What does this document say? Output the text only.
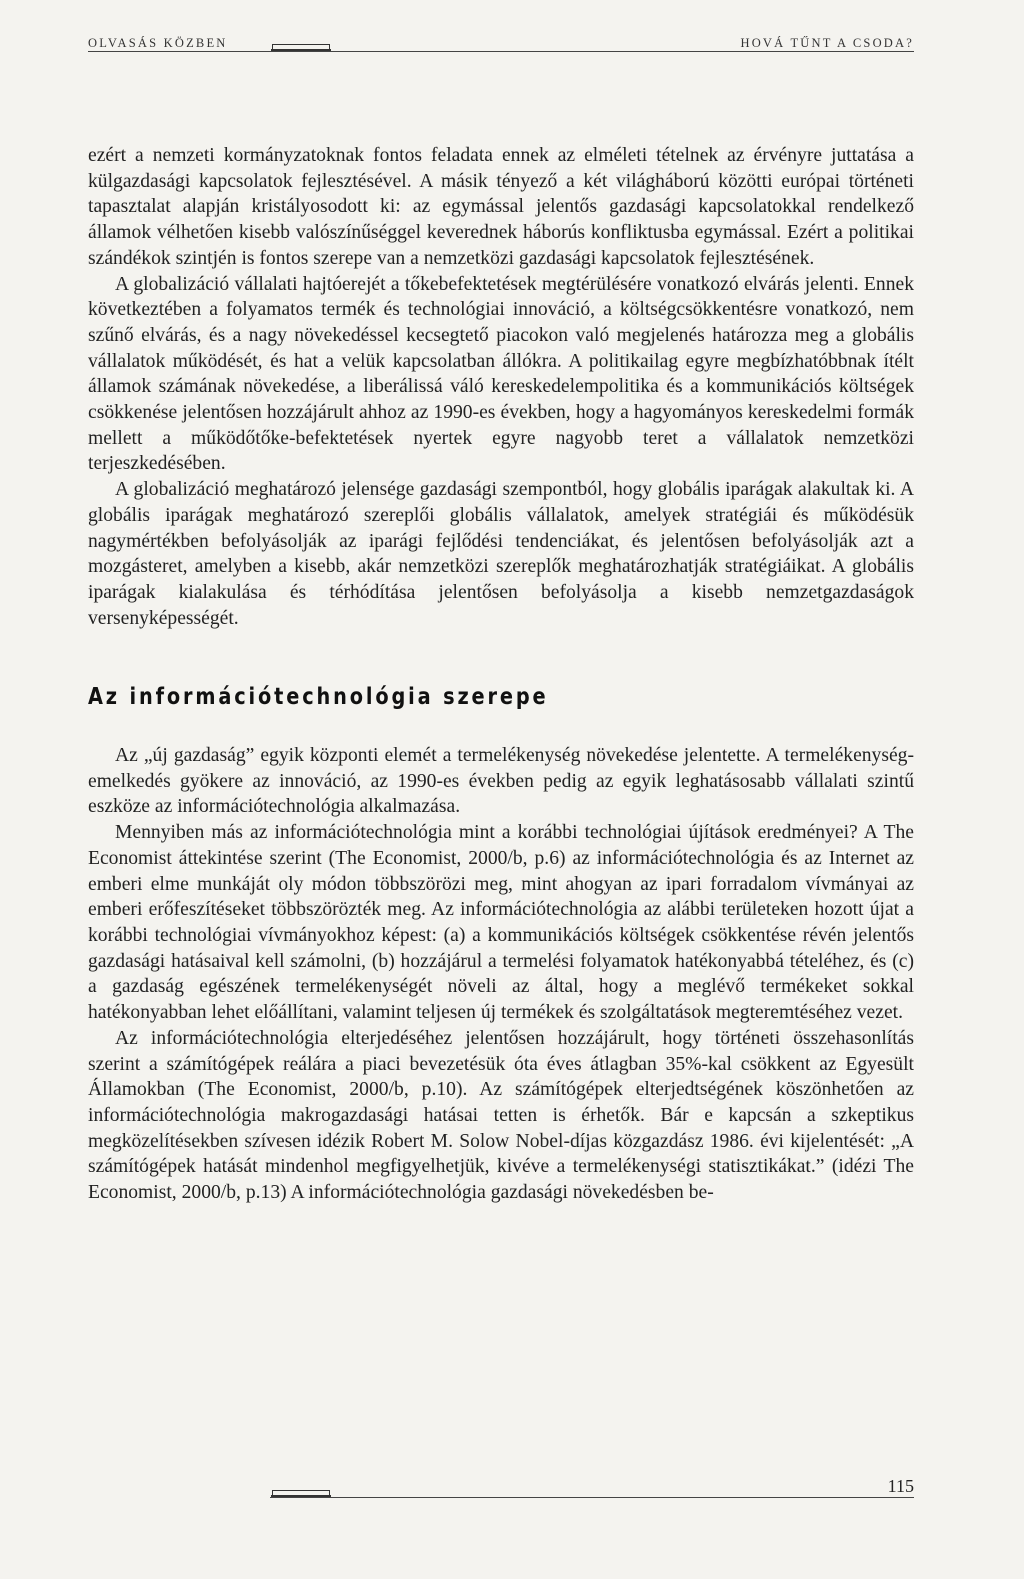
OLVASÁS KÖZBEN	HOVÁ TŰNT A CSODA?

ezért a nemzeti kormányzatoknak fontos feladata ennek az elméleti tételnek az érvényre juttatása a külgazdasági kapcsolatok fejlesztésével. A másik tényező a két világháború közötti európai történeti tapasztalat alapján kristályosodott ki: az egymással jelentős gazdasági kapcsolatokkal rendelkező államok vélhetően kisebb valószínűséggel keverednek háborús konfliktusba egymással. Ezért a politikai szándékok szintjén is fontos szerepe van a nemzetközi gazdasági kapcsolatok fejlesztésének.

A globalizáció vállalati hajtóerejét a tőkebefektetések megtérülésére vonatkozó elvárás jelenti. Ennek következtében a folyamatos termék és technológiai innováció, a költségcsökkentésre vonatkozó, nem szűnő elvárás, és a nagy növekedéssel kecsegtető piacokon való megjelenés határozza meg a globális vállalatok működését, és hat a velük kapcsolatban állókra. A politikailag egyre megbízhatóbbnak ítélt államok számának növekedése, a liberálissá váló kereskedelempolitika és a kommunikációs költségek csökkenése jelentősen hozzájárult ahhoz az 1990-es években, hogy a hagyományos kereskedelmi formák mellett a működőtőke-befektetések nyertek egyre nagyobb teret a vállalatok nemzetközi terjeszkedésében.

A globalizáció meghatározó jelensége gazdasági szempontból, hogy globális iparágak alakultak ki. A globális iparágak meghatározó szereplői globális vállalatok, amelyek stratégiái és működésük nagymértékben befolyásolják az iparági fejlődési tendenciákat, és jelentősen befolyásolják azt a mozgásteret, amelyben a kisebb, akár nemzetközi szereplők meghatározhatják stratégiáikat. A globális iparágak kialakulása és térhódítása jelentősen befolyásolja a kisebb nemzetgazdaságok versenyképességét.

Az információtechnológia szerepe

Az „új gazdaság” egyik központi elemét a termelékenység növekedése jelentette. A termelékenység-emelkedés gyökere az innováció, az 1990-es években pedig az egyik leghatásosabb vállalati szintű eszköze az információtechnológia alkalmazása.

Mennyiben más az információtechnológia mint a korábbi technológiai újítások eredményei? A The Economist áttekintése szerint (The Economist, 2000/b, p.6) az információtechnológia és az Internet az emberi elme munkáját oly módon többszörözi meg, mint ahogyan az ipari forradalom vívmányai az emberi erőfeszítéseket többszörözték meg. Az információtechnológia az alábbi területeken hozott újat a korábbi technológiai vívmányokhoz képest: (a) a kommunikációs költségek csökkentése révén jelentős gazdasági hatásaival kell számolni, (b) hozzájárul a termelési folyamatok hatékonyabbá tételéhez, és (c) a gazdaság egészének termelékenységét növeli az által, hogy a meglévő termékeket sokkal hatékonyabban lehet előállítani, valamint teljesen új termékek és szolgáltatások megteremtéséhez vezet.

Az információtechnológia elterjedéséhez jelentősen hozzájárult, hogy történeti összehasonlítás szerint a számítógépek reálára a piaci bevezetésük óta éves átlagban 35%-kal csökkent az Egyesült Államokban (The Economist, 2000/b, p.10). Az számítógépek elterjedtségének köszönhetően az információtechnológia makrogazdasági hatásai tetten is érhetők. Bár e kapcsán a szkeptikus megközelítésekben szívesen idézik Robert M. Solow Nobel-díjas közgazdász 1986. évi kijelentését: „A számítógépek hatását mindenhol megfigyelhetjük, kivéve a termelékenységi statisztikákat.” (idézi The Economist, 2000/b, p.13) A információtechnológia gazdasági növekedésben be-

115
